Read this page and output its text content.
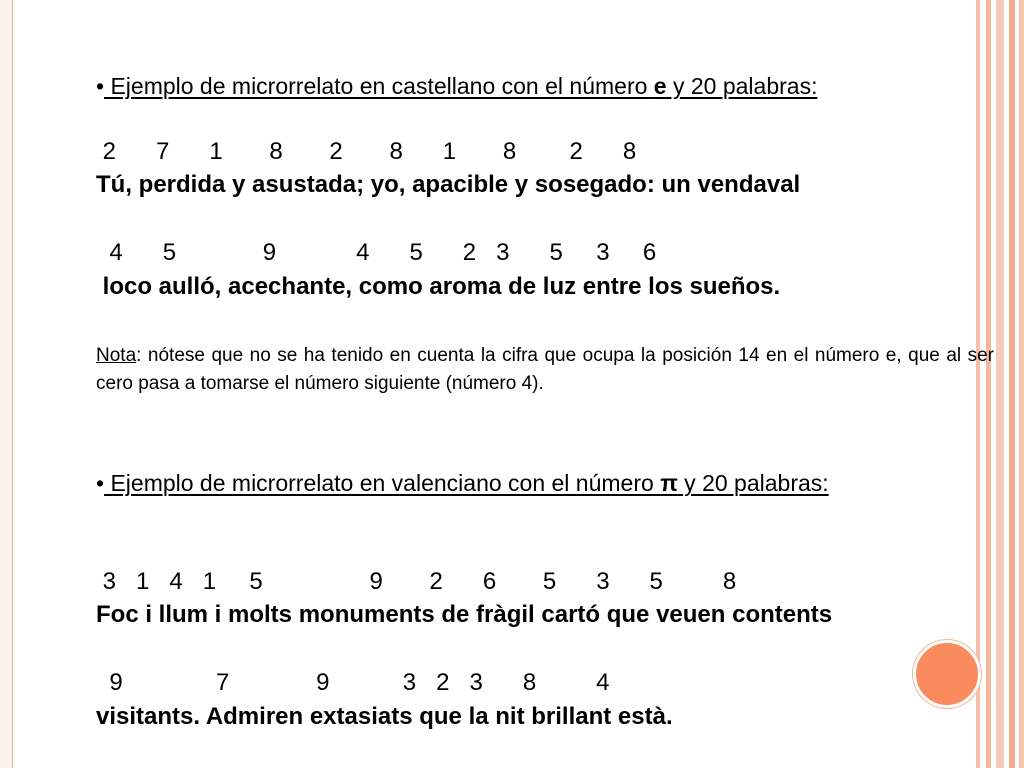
• Ejemplo de microrrelato en castellano con el número e y 20 palabras:
2      7      1       8       2       8      1       8        2      8
Tú, perdida y asustada; yo, apacible y sosegado: un vendaval
4      5             9            4      5      2   3      5     3     6
loco aulló, acechante, como aroma de luz entre los sueños.
Nota: nótese que no se ha tenido en cuenta la cifra que ocupa la posición 14 en el número e, que al ser cero pasa a tomarse el número siguiente (número 4).
• Ejemplo de microrrelato en valenciano con el número π y 20 palabras:
3   1   4   1     5                9       2      6       5      3      5         8
Foc i llum i molts monuments de fràgil cartó que veuen contents
9              7             9           3   2   3      8         4
visitants. Admiren extasiats que la nit brillant està.
